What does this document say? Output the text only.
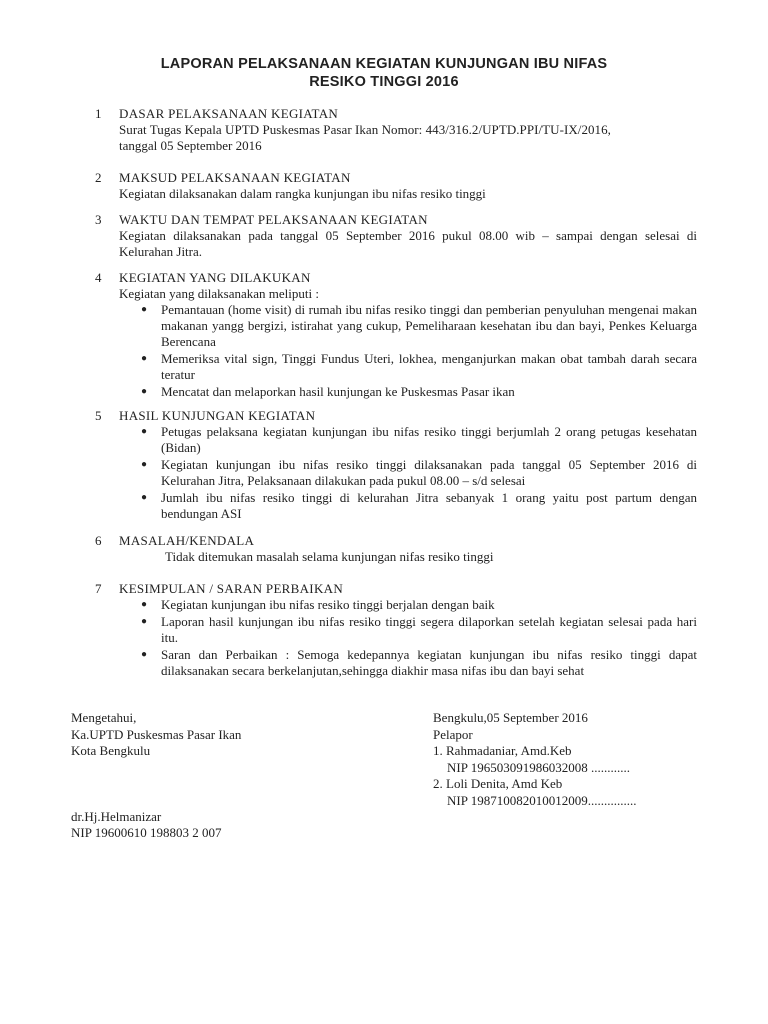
LAPORAN PELAKSANAAN KEGIATAN KUNJUNGAN IBU NIFAS
RESIKO TINGGI 2016
1 DASAR PELAKSANAAN KEGIATAN
Surat Tugas Kepala UPTD Puskesmas Pasar Ikan Nomor: 443/316.2/UPTD.PPI/TU-IX/2016,
tanggal 05 September 2016
2 MAKSUD PELAKSANAAN KEGIATAN
Kegiatan dilaksanakan dalam rangka kunjungan ibu nifas resiko tinggi
3 WAKTU DAN TEMPAT PELAKSANAAN KEGIATAN
Kegiatan dilaksanakan pada tanggal 05 September 2016 pukul 08.00 wib – sampai dengan selesai di Kelurahan Jitra.
4 KEGIATAN YANG DILAKUKAN
Kegiatan yang dilaksanakan meliputi :
● Pemantauan (home visit) di rumah ibu nifas resiko tinggi dan pemberian penyuluhan mengenai makan makanan yangg bergizi, istirahat yang cukup, Pemeliharaan kesehatan ibu dan bayi, Penkes Keluarga Berencana
● Memeriksa vital sign, Tinggi Fundus Uteri, lokhea, menganjurkan makan obat tambah darah secara teratur
● Mencatat dan melaporkan hasil kunjungan ke Puskesmas Pasar ikan
5 HASIL KUNJUNGAN KEGIATAN
● Petugas pelaksana kegiatan kunjungan ibu nifas resiko tinggi berjumlah 2 orang petugas kesehatan (Bidan)
● Kegiatan kunjungan ibu nifas resiko tinggi dilaksanakan pada tanggal 05 September 2016 di Kelurahan Jitra, Pelaksanaan dilakukan pada pukul 08.00 – s/d selesai
● Jumlah ibu nifas resiko tinggi di kelurahan Jitra sebanyak 1 orang yaitu post partum dengan bendungan ASI
6 MASALAH/KENDALA
Tidak ditemukan masalah selama kunjungan nifas resiko tinggi
7 KESIMPULAN / SARAN PERBAIKAN
● Kegiatan kunjungan ibu nifas resiko tinggi berjalan dengan baik
● Laporan hasil kunjungan ibu nifas resiko tinggi segera dilaporkan setelah kegiatan selesai pada hari itu.
● Saran dan Perbaikan : Semoga kedepannya kegiatan kunjungan ibu nifas resiko tinggi dapat dilaksanakan secara berkelanjutan,sehingga diakhir masa nifas ibu dan bayi sehat
Mengetahui,
Ka.UPTD Puskesmas Pasar Ikan
Kota Bengkulu
dr.Hj.Helmanizar
NIP 19600610 198803 2 007
Bengkulu,05 September 2016
Pelapor
1. Rahmadaniar, Amd.Keb
NIP 196503091986032008 ............
2. Loli Denita, Amd Keb
NIP 198710082010012009...............
